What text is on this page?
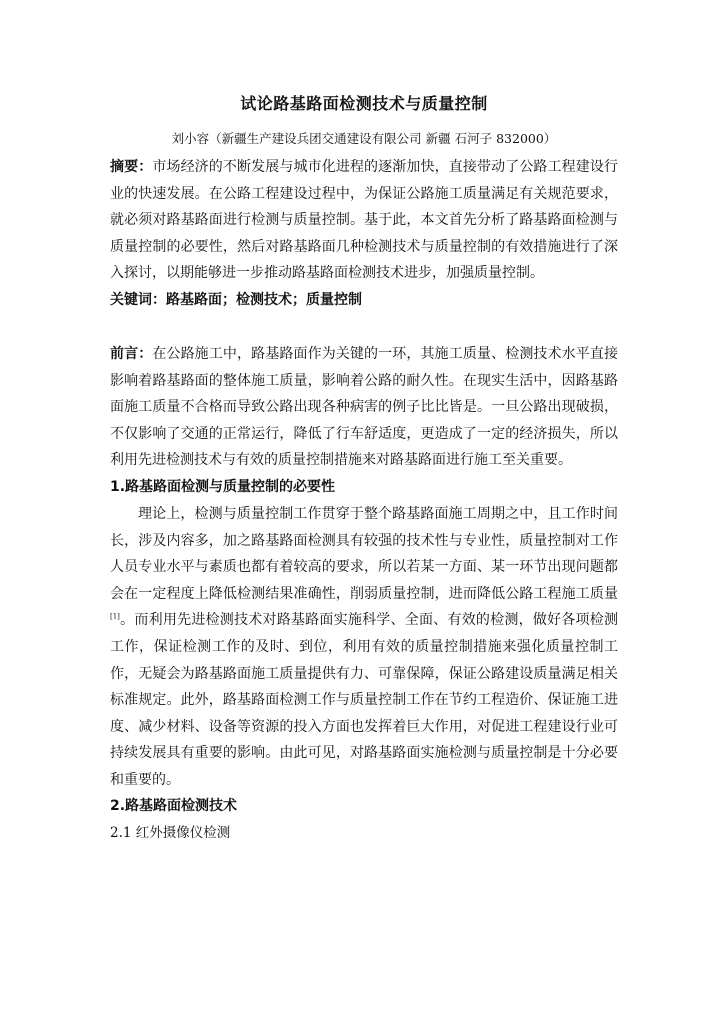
试论路基路面检测技术与质量控制

刘小容（新疆生产建设兵团交通建设有限公司 新疆 石河子 832000）

摘要：市场经济的不断发展与城市化进程的逐渐加快，直接带动了公路工程建设行业的快速发展。在公路工程建设过程中，为保证公路施工质量满足有关规范要求，就必须对路基路面进行检测与质量控制。基于此，本文首先分析了路基路面检测与质量控制的必要性，然后对路基路面几种检测技术与质量控制的有效措施进行了深入探讨，以期能够进一步推动路基路面检测技术进步，加强质量控制。

关键词：路基路面；检测技术；质量控制

前言：在公路施工中，路基路面作为关键的一环，其施工质量、检测技术水平直接影响着路基路面的整体施工质量，影响着公路的耐久性。在现实生活中，因路基路面施工质量不合格而导致公路出现各种病害的例子比比皆是。一旦公路出现破损，不仅影响了交通的正常运行，降低了行车舒适度，更造成了一定的经济损失，所以利用先进检测技术与有效的质量控制措施来对路基路面进行施工至关重要。

1.路基路面检测与质量控制的必要性

理论上，检测与质量控制工作贯穿于整个路基路面施工周期之中，且工作时间长，涉及内容多，加之路基路面检测具有较强的技术性与专业性，质量控制对工作人员专业水平与素质也都有着较高的要求，所以若某一方面、某一环节出现问题都会在一定程度上降低检测结果准确性，削弱质量控制，进而降低公路工程施工质量[1]。而利用先进检测技术对路基路面实施科学、全面、有效的检测，做好各项检测工作，保证检测工作的及时、到位，利用有效的质量控制措施来强化质量控制工作，无疑会为路基路面施工质量提供有力、可靠保障，保证公路建设质量满足相关标准规定。此外，路基路面检测工作与质量控制工作在节约工程造价、保证施工进度、减少材料、设备等资源的投入方面也发挥着巨大作用，对促进工程建设行业可持续发展具有重要的影响。由此可见，对路基路面实施检测与质量控制是十分必要和重要的。

2.路基路面检测技术

2.1 红外摄像仪检测
